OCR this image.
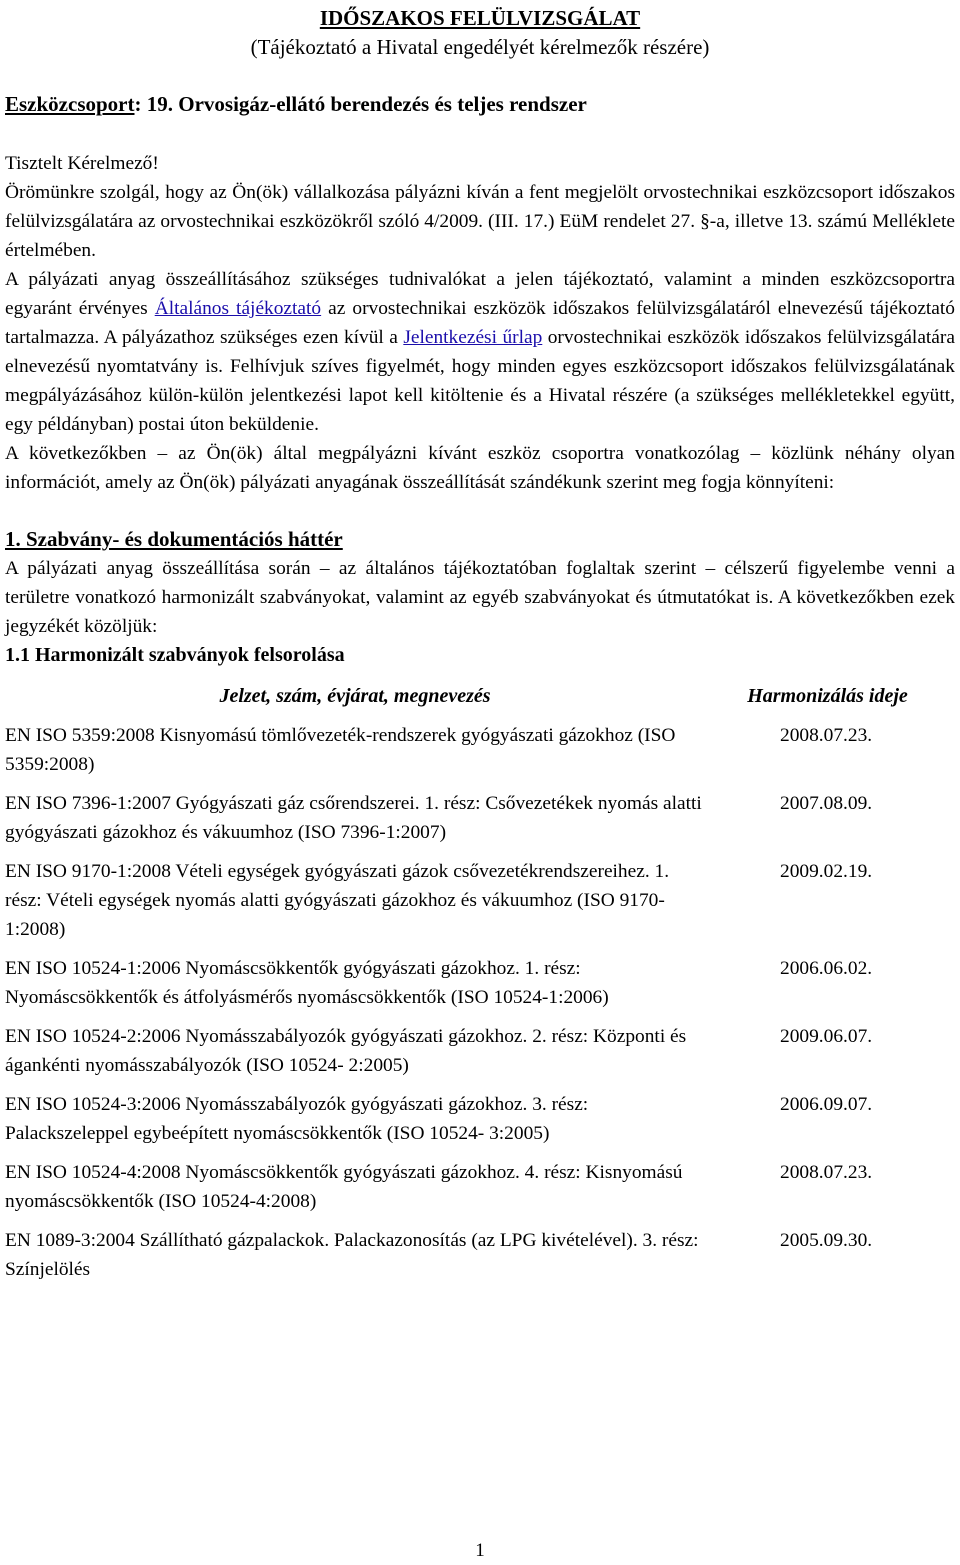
IDŐSZAKOS FELÜLVIZSGÁLAT
(Tájékoztató a Hivatal engedélyét kérelmezők részére)
Eszközcsoport: 19. Orvosigáz-ellátó berendezés és teljes rendszer
Tisztelt Kérelmező!

Örömünkre szolgál, hogy az Ön(ök) vállalkozása pályázni kíván a fent megjelölt orvostechnikai eszközcsoport időszakos felülvizsgálatára az orvostechnikai eszközökről szóló 4/2009. (III. 17.) EüM rendelet 27. §-a, illetve 13. számú Melléklete értelmében.

A pályázati anyag összeállításához szükséges tudnivalókat a jelen tájékoztató, valamint a minden eszközcsoportra egyaránt érvényes Általános tájékoztató az orvostechnikai eszközök időszakos felülvizsgálatáról elnevezésű tájékoztató tartalmazza. A pályázathoz szükséges ezen kívül a Jelentkezési űrlap orvostechnikai eszközök időszakos felülvizsgálatára elnevezésű nyomtatvány is. Felhívjuk szíves figyelmét, hogy minden egyes eszközcsoport időszakos felülvizsgálatának megpályázásához külön-külön jelentkezési lapot kell kitöltenie és a Hivatal részére (a szükséges mellékletekkel együtt, egy példányban) postai úton beküldenie.

A következőkben – az Ön(ök) által megpályázni kívánt eszköz csoportra vonatkozólag – közlünk néhány olyan információt, amely az Ön(ök) pályázati anyagának összeállítását szándékunk szerint meg fogja könnyíteni:

1. Szabvány- és dokumentációs háttér

A pályázati anyag összeállítása során – az általános tájékoztatóban foglaltak szerint – célszerű figyelembe venni a területre vonatkozó harmonizált szabványokat, valamint az egyéb szabványokat és útmutatókat is. A következőkben ezek jegyzékét közöljük:

1.1 Harmonizált szabványok felsorolása
Jelzet, szám, évjárat, megnevezés	Harmonizálás ideje
EN ISO 5359:2008 Kisnyomású tömlővezeték-rendszerek gyógyászati gázokhoz (ISO 5359:2008)
2008.07.23.
EN ISO 7396-1:2007 Gyógyászati gáz csőrendszerei. 1. rész: Csővezetékek nyomás alatti gyógyászati gázokhoz és vákuumhoz (ISO 7396-1:2007)
2007.08.09.
EN ISO 9170-1:2008 Vételi egységek gyógyászati gázok csővezetékrendszereihez. 1. rész: Vételi egységek nyomás alatti gyógyászati gázokhoz és vákuumhoz (ISO 9170-1:2008)
2009.02.19.
EN ISO 10524-1:2006 Nyomáscsökkentők gyógyászati gázokhoz. 1. rész: Nyomáscsökkentők és átfolyásmérős nyomáscsökkentők (ISO 10524-1:2006)
2006.06.02.
EN ISO 10524-2:2006 Nyomásszabályozók gyógyászati gázokhoz. 2. rész: Központi és ágankénti nyomásszabályozók (ISO 10524- 2:2005)
2009.06.07.
EN ISO 10524-3:2006 Nyomásszabályozók gyógyászati gázokhoz. 3. rész: Palackszeleppel egybeépített nyomáscsökkentők (ISO 10524- 3:2005)
2006.09.07.
EN ISO 10524-4:2008 Nyomáscsökkentők gyógyászati gázokhoz. 4. rész: Kisnyomású nyomáscsökkentők (ISO 10524-4:2008)
2008.07.23.
EN 1089-3:2004 Szállítható gázpalackok. Palackazonosítás (az LPG kivételével). 3. rész: Színjelölés
2005.09.30.
1
